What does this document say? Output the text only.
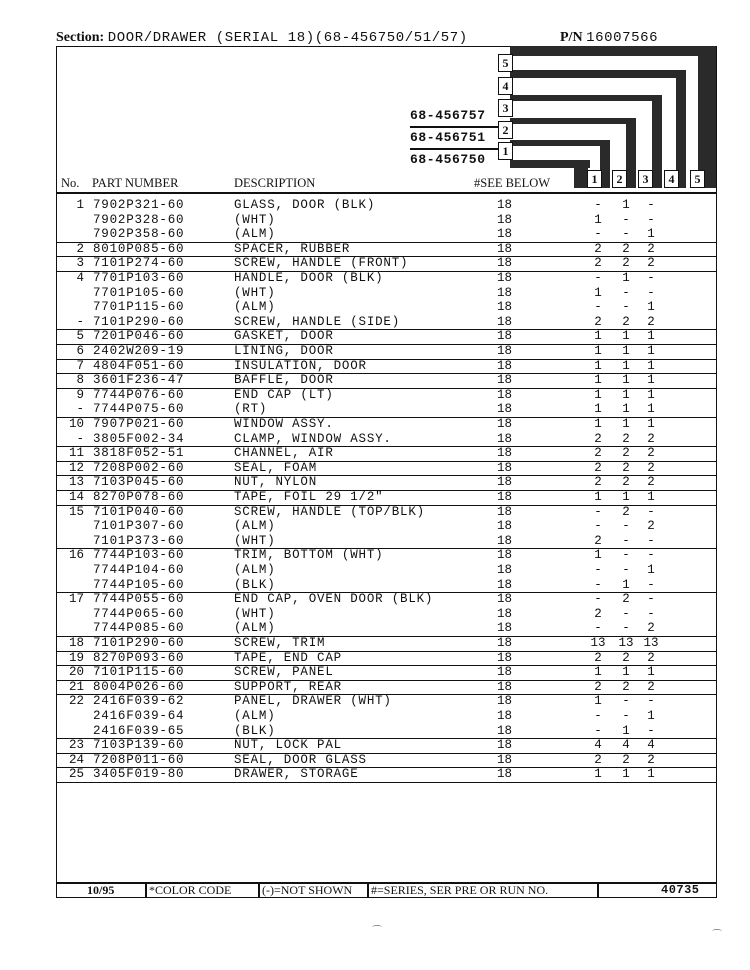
Section: DOOR/DRAWER (SERIAL 18)(68-456750/51/57)	P/N 16007566
5
4
3
2
1
68-456757
68-456751
68-456750
1	2	3	4	5
No. PART NUMBER	DESCRIPTION	#SEE BELOW
1 7902P321-60	GLASS, DOOR (BLK)	18	-	1	-
7902P328-60	(WHT)	18	1	-	-
7902P358-60	(ALM)	18	-	-	1
2 8010P085-60	SPACER, RUBBER	18	2	2	2
3 7101P274-60	SCREW, HANDLE (FRONT)	18	2	2	2
4 7701P103-60	HANDLE, DOOR (BLK)	18	-	1	-
7701P105-60	(WHT)	18	1	-	-
7701P115-60	(ALM)	18	-	-	1
- 7101P290-60	SCREW, HANDLE (SIDE)	18	2	2	2
5 7201P046-60	GASKET, DOOR	18	1	1	1
6 2402W209-19	LINING, DOOR	18	1	1	1
7 4804F051-60	INSULATION, DOOR	18	1	1	1
8 3601F236-47	BAFFLE, DOOR	18	1	1	1
9 7744P076-60	END CAP (LT)	18	1	1	1
- 7744P075-60	(RT)	18	1	1	1
10 7907P021-60	WINDOW ASSY.	18	1	1	1
- 3805F002-34	CLAMP, WINDOW ASSY.	18	2	2	2
11 3818F052-51	CHANNEL, AIR	18	2	2	2
12 7208P002-60	SEAL, FOAM	18	2	2	2
13 7103P045-60	NUT, NYLON	18	2	2	2
14 8270P078-60	TAPE, FOIL 29 1/2"	18	1	1	1
15 7101P040-60	SCREW, HANDLE (TOP/BLK)	18	-	2	-
7101P307-60	(ALM)	18	-	-	2
7101P373-60	(WHT)	18	2	-	-
16 7744P103-60	TRIM, BOTTOM (WHT)	18	1	-	-
7744P104-60	(ALM)	18	-	-	1
7744P105-60	(BLK)	18	-	1	-
17 7744P055-60	END CAP, OVEN DOOR (BLK)	18	-	2	-
7744P065-60	(WHT)	18	2	-	-
7744P085-60	(ALM)	18	-	-	2
18 7101P290-60	SCREW, TRIM	18	13 13 13
19 8270P093-60	TAPE, END CAP	18	2	2	2
20 7101P115-60	SCREW, PANEL	18	1	1	1
21 8004P026-60	SUPPORT, REAR	18	2	2	2
22 2416F039-62	PANEL, DRAWER (WHT)	18	1	-	-
2416F039-64	(ALM)	18	-	-	1
2416F039-65	(BLK)	18	-	1	-
23 7103P139-60	NUT, LOCK PAL	18	4	4	4
24 7208P011-60	SEAL, DOOR GLASS	18	2	2	2
25 3405F019-80	DRAWER, STORAGE	18	1	1	1
10/95	*COLOR CODE	(-)=NOT SHOWN #=SERIES, SER PRE OR RUN NO.	40735
⌒	⌒
